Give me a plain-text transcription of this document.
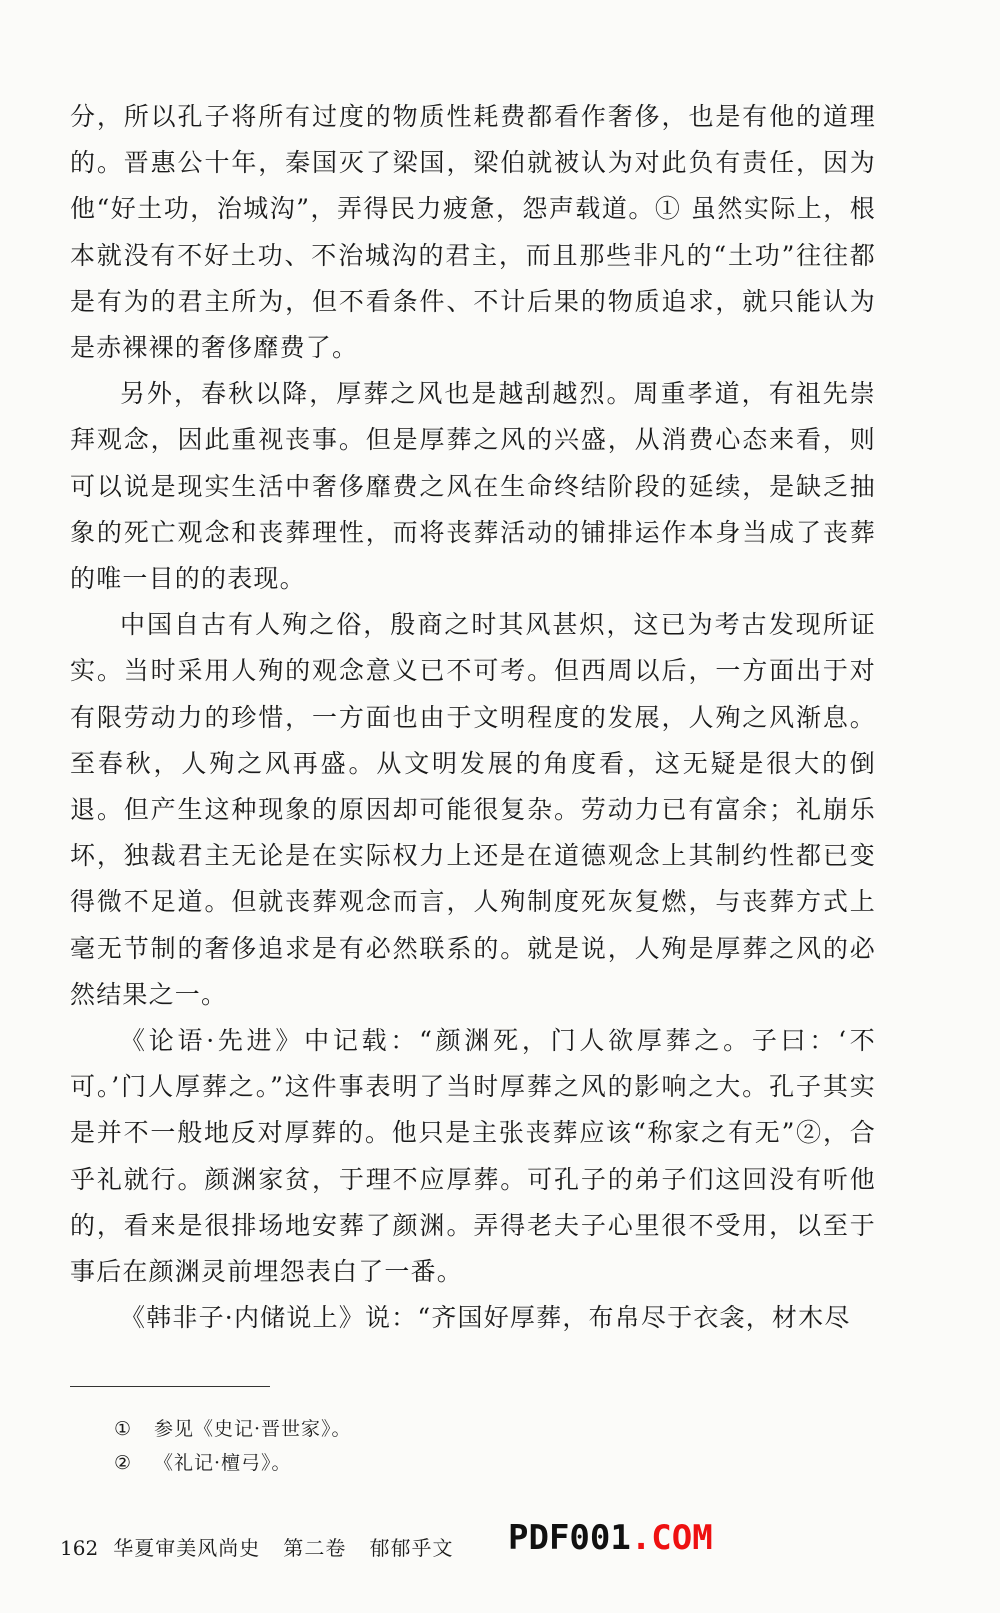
分，所以孔子将所有过度的物质性耗费都看作奢侈，也是有他的道理的。晋惠公十年，秦国灭了梁国，梁伯就被认为对此负有责任，因为他“好土功，治城沟”，弄得民力疲惫，怨声载道。① 虽然实际上，根本就没有不好土功、不治城沟的君主，而且那些非凡的“土功”往往都是有为的君主所为，但不看条件、不计后果的物质追求，就只能认为是赤裸裸的奢侈靡费了。

另外，春秋以降，厚葬之风也是越刮越烈。周重孝道，有祖先崇拜观念，因此重视丧事。但是厚葬之风的兴盛，从消费心态来看，则可以说是现实生活中奢侈靡费之风在生命终结阶段的延续，是缺乏抽象的死亡观念和丧葬理性，而将丧葬活动的铺排运作本身当成了丧葬的唯一目的的表现。

中国自古有人殉之俗，殷商之时其风甚炽，这已为考古发现所证实。当时采用人殉的观念意义已不可考。但西周以后，一方面出于对有限劳动力的珍惜，一方面也由于文明程度的发展，人殉之风渐息。至春秋，人殉之风再盛。从文明发展的角度看，这无疑是很大的倒退。但产生这种现象的原因却可能很复杂。劳动力已有富余；礼崩乐坏，独裁君主无论是在实际权力上还是在道德观念上其制约性都已变得微不足道。但就丧葬观念而言，人殉制度死灰复燃，与丧葬方式上毫无节制的奢侈追求是有必然联系的。就是说，人殉是厚葬之风的必然结果之一。

《论语·先进》中记载：“颜渊死，门人欲厚葬之。子曰：‘不可。’门人厚葬之。”这件事表明了当时厚葬之风的影响之大。孔子其实是并不一般地反对厚葬的。他只是主张丧葬应该“称家之有无”②，合乎礼就行。颜渊家贫，于理不应厚葬。可孔子的弟子们这回没有听他的，看来是很排场地安葬了颜渊。弄得老夫子心里很不受用，以至于事后在颜渊灵前埋怨表白了一番。

《韩非子·内储说上》说：“齐国好厚葬，布帛尽于衣衾，材木尽

① 参见《史记·晋世家》。
② 《礼记·檀弓》。
162 华夏审美风尚史 第二卷 郁郁乎文	PDF001.COM
